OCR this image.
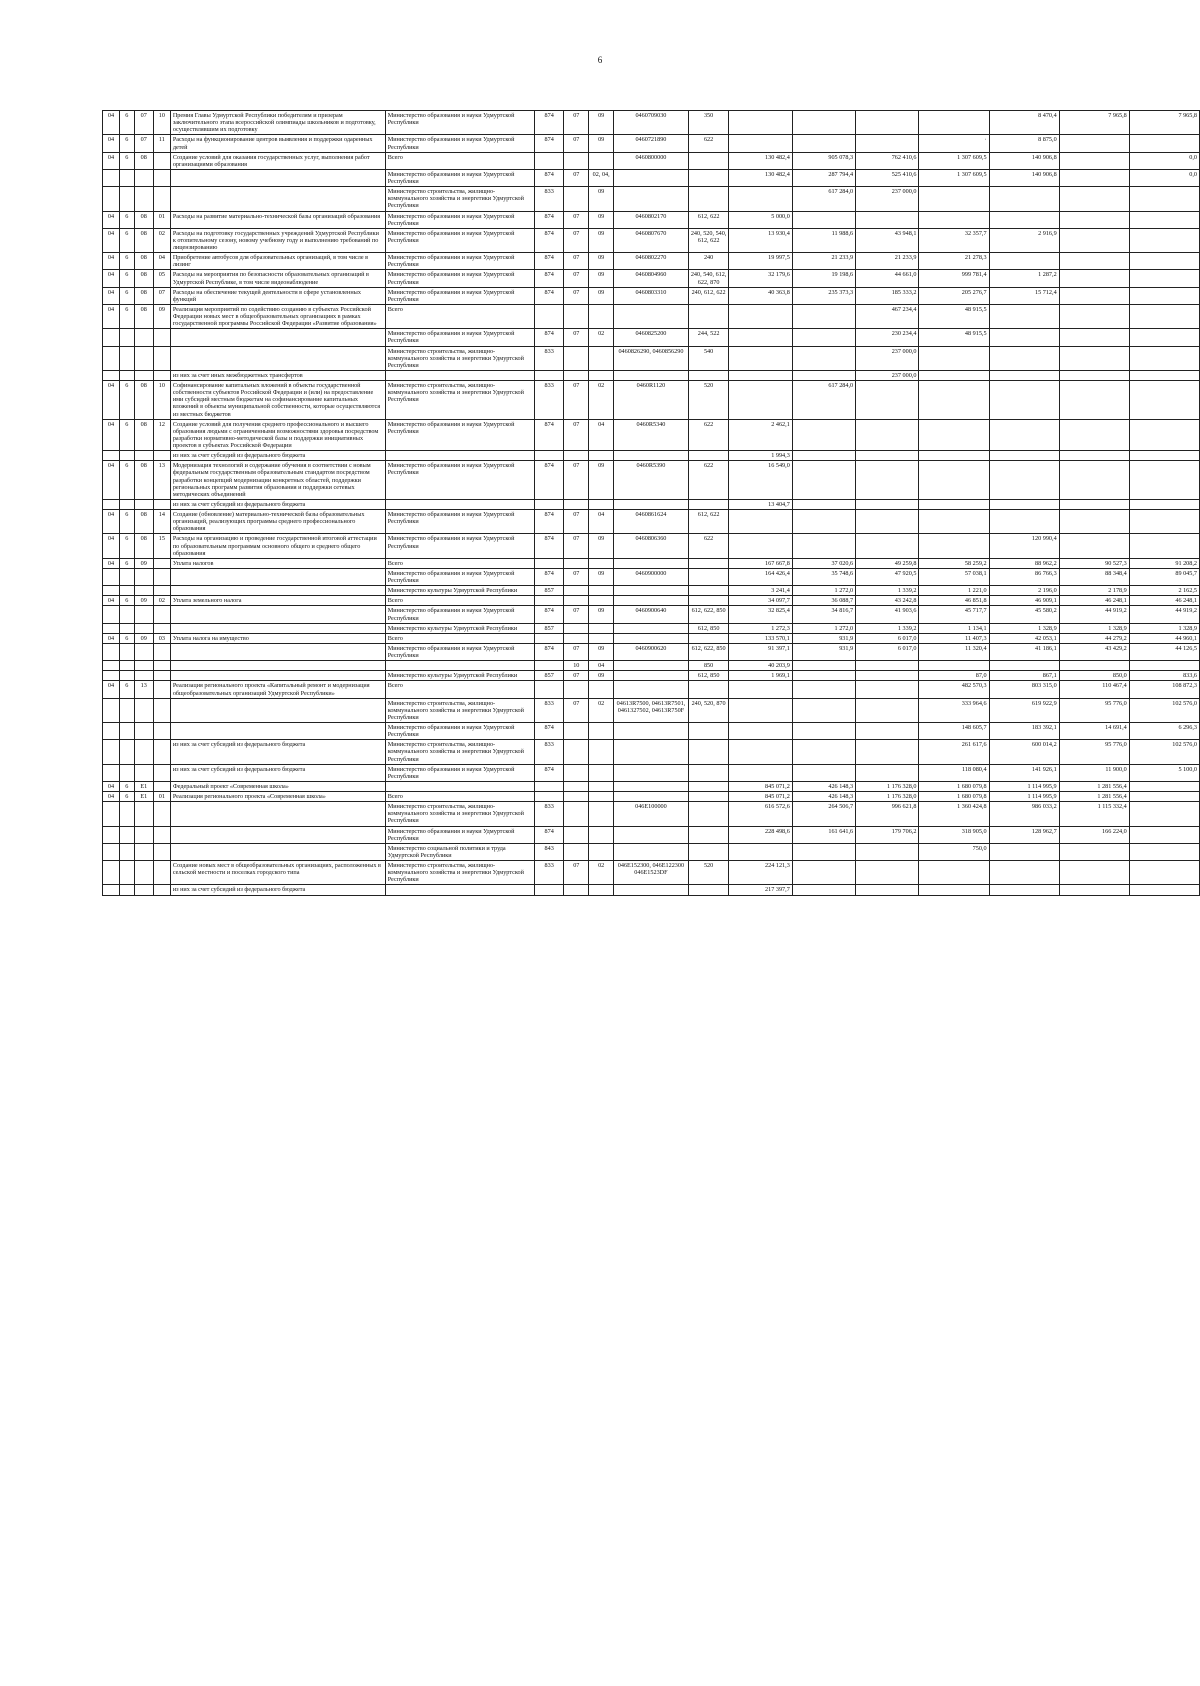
6
04	6	07	10	Премия Главы Удмуртской Республики победителям и призерам заключительного этапа всероссийской олимпиады школьников и подготовку, осуществлявшим их подготовку	Министерство образования и науки Удмуртской Республики	874	07	09	0460709030	350					8 470,4	7 965,8	7 965,8
04	6	07	11	Расходы на функционирование центров выявления и поддержки одаренных детей	Министерство образования и науки Удмуртской Республики	874	07	09	0460721890	622				·	8 875,0		
04	6	08		Создание условий для оказания государственных услуг, выполнения работ организациями образования	Всего				0460800000		130 482,4	905 078,3	762 410,6	1 307 609,5	140 906,8		0,0
					Министерство образования и науки Удмуртской Республики	874	07	02, 04,			130 482,4	287 794,4	525 410,6	1 307 609,5	140 906,8		0,0
					Министерство строительства, жилищно-коммунального хозяйства и энергетики Удмуртской Республики	833		09				617 284,0	237 000,0				
04	6	08	01	Расходы на развитие материально-технической базы организаций образования	Министерство образования и науки Удмуртской Республики	874	07	09	0460802170	612, 622	5 000,0						
04	6	08	02	Расходы на подготовку государственных учреждений Удмуртской Республики к отопительному сезону, новому учебному году и выполнению требований по лицензированию	Министерство образования и науки Удмуртской Республики	874	07	09	0460807670	240, 520, 540, 612, 622	13 930,4	11 988,6	43 948,1	32 357,7	2 916,9		
04	6	08	04	Приобретение автобусов для образовательных организаций, в том числе в лизинг	Министерство образования и науки Удмуртской Республики	874	07	09	0460802270	240	19 997,5	21 233,9	21 233,9	21 278,3			
04	6	08	05	Расходы на мероприятия по безопасности образовательных организаций в Удмуртской Республике, в том числе видеонаблюдение	Министерство образования и науки Удмуртской Республики	874	07	09	0460804960	240, 540, 612, 622, 870	32 179,6	19 198,6	44 661,0	999 781,4	1 287,2		
04	6	08	07	Расходы на обеспечение текущей деятельности в сфере установленных функций	Министерство образования и науки Удмуртской Республики	874	07	09	0460803310	240, 612, 622	40 363,8	235 373,3	185 333,2	205 276,7	15 712,4		
04	6	08	09	Реализация мероприятий по содействию созданию в субъектах Российской Федерации новых мест в общеобразовательных организациях в рамках государственной программы Российской Федерации «Развитие образования»	Всего								467 234,4	48 915,5			
					Министерство образования и науки Удмуртской Республики	874	07	02	0460825200	244, 522			230 234,4	48 915,5			
					Министерство строительства, жилищно-коммунального хозяйства и энергетики Удмуртской Республики	833			0460826290, 0460856290	540			237 000,0				
				из них за счет иных межбюджетных трансфертов									237 000,0				
04	6	08	10	Софинансирование капитальных вложений в объекты государственной собственности субъектов Российской Федерации и (или) на предоставление ими субсидий местным бюджетам на софинансирование капитальных вложений в объекты муниципальной собственности, которые осуществляются из местных бюджетов	Министерство строительства, жилищно-коммунального хозяйства и энергетики Удмуртской Республики	833	07	02	0460R1120	520		617 284,0					
04	6	08	12	Создание условий для получения среднего профессионального и высшего образования людьми с ограниченными возможностями здоровья посредством разработки нормативно-методической базы и поддержки инициативных проектов в субъектах Российской Федерации	Министерство образования и науки Удмуртской Республики	874	07	04	0460R5340	622	2 462,1						
				из них за счет субсидий из федерального бюджета							1 994,3						
04	6	08	13	Модернизация технологий и содержание обучения в соответствии с новым федеральным государственным образовательным стандартом посредством разработки концепций модернизации конкретных областей, поддержки региональных программ развития образования и поддержки сетевых методических объединений	Министерство образования и науки Удмуртской Республики	874	07	09	0460R5390	622	16 549,0						
				из них за счет субсидий из федерального бюджета							13 404,7						
04	6	08	14	Создание (обновление) материально-технической базы образовательных организаций, реализующих программы среднего профессионального образования	Министерство образования и науки Удмуртской Республики	874	07	04	0460861624	612, 622							
04	6	08	15	Расходы на организацию и проведение государственной итоговой аттестации по образовательным программам основного общего и среднего общего образования	Министерство образования и науки Удмуртской Республики	874	07	09	0460806360	622					120 990,4		
04	6	09		Уплата налогов	Всего						167 667,8	37 020,6	49 259,8	58 259,2	88 962,2	90 527,3	91 208,2
					Министерство образования и науки Удмуртской Республики	874	07	09	0460900000		164 426,4	35 748,6	47 920,5	57 038,1	86 766,3	88 348,4	89 045,7
					Министерство культуры Удмуртской Республики	857					3 241,4	1 272,0	1 339,2	1 221,0	2 196,0	2 178,9	2 162,5
04	6	09	02	Уплата земельного налога	Всего						34 097,7	36 088,7	43 242,8	46 851,8	46 909,1	46 248,1	46 248,1
					Министерство образования и науки Удмуртской Республики	874	07	09	0460900640	612, 622, 850	32 825,4	34 816,7	41 903,6	45 717,7	45 580,2	44 919,2	44 919,2
					Министерство культуры Удмуртской Республики	857				612, 850	1 272,3	1 272,0	1 339,2	1 134,1	1 328,9	1 328,9	1 328,9
04	6	09	03	Уплата налога на имущество	Всего						133 570,1	931,9	6 017,0	11 407,3	42 053,1	44 279,2	44 960,1
					Министерство образования и науки Удмуртской Республики	874	07	09	0460900620	612, 622, 850	91 397,1	931,9	6 017,0	11 320,4	41 186,1	43 429,2	44 126,5
							10	04		850	40 203,9						
					Министерство культуры Удмуртской Республики	857	07	09		612, 850	1 969,1			87,0	867,1	850,0	833,6
04	6	13		Реализация регионального проекта «Капитальный ремонт и модернизация общеобразовательных организаций Удмуртской Республики»	Всего									482 570,3	803 315,0	110 467,4	108 872,3
					Министерство строительства, жилищно-коммунального хозяйства и энергетики Удмуртской Республики	833	07	02	04613R7500, 04613R7501, 0461327502, 04613R750F	240, 520, 870				333 964,6	619 922,9	95 776,0	102 576,0
					Министерство образования и науки Удмуртской Республики	874								148 605,7	183 392,1	14 691,4	6 296,3
				из них за счет субсидий из федерального бюджета	Министерство строительства, жилищно-коммунального хозяйства и энергетики Удмуртской Республики	833								261 617,6	600 014,2	95 776,0	102 576,0
				из них за счет субсидий из федерального бюджета	Министерство образования и науки Удмуртской Республики	874								118 080,4	141 926,1	11 900,0	5 100,0
04	6	E1		Федеральный проект «Современная школа»							845 071,2	426 148,3	1 176 328,0	1 680 079,8	1 114 995,9	1 281 556,4	
04	6	E1	01	Реализация регионального проекта «Современная школа»	Всего						845 071,2	426 148,3	1 176 328,0	1 680 079,8	1 114 995,9	1 281 556,4	
					Министерство строительства, жилищно-коммунального хозяйства и энергетики Удмуртской Республики	833			046E100000		616 572,6	264 506,7	996 621,8	1 360 424,8	986 033,2	1 115 332,4	
					Министерство образования и науки Удмуртской Республики	874					228 498,6	161 641,6	179 706,2	318 905,0	128 962,7	166 224,0	
					Министерство социальной политики и труда Удмуртской Республики	843								750,0			
				Создание новых мест в общеобразовательных организациях, расположенных в сельской местности и поселках городского типа	Министерство строительства, жилищно-коммунального хозяйства и энергетики Удмуртской Республики	833	07	02	046E152300, 046E122300 046E1523DF	520	224 121,3						
				из них за счет субсидий из федерального бюджета							217 397,7						
